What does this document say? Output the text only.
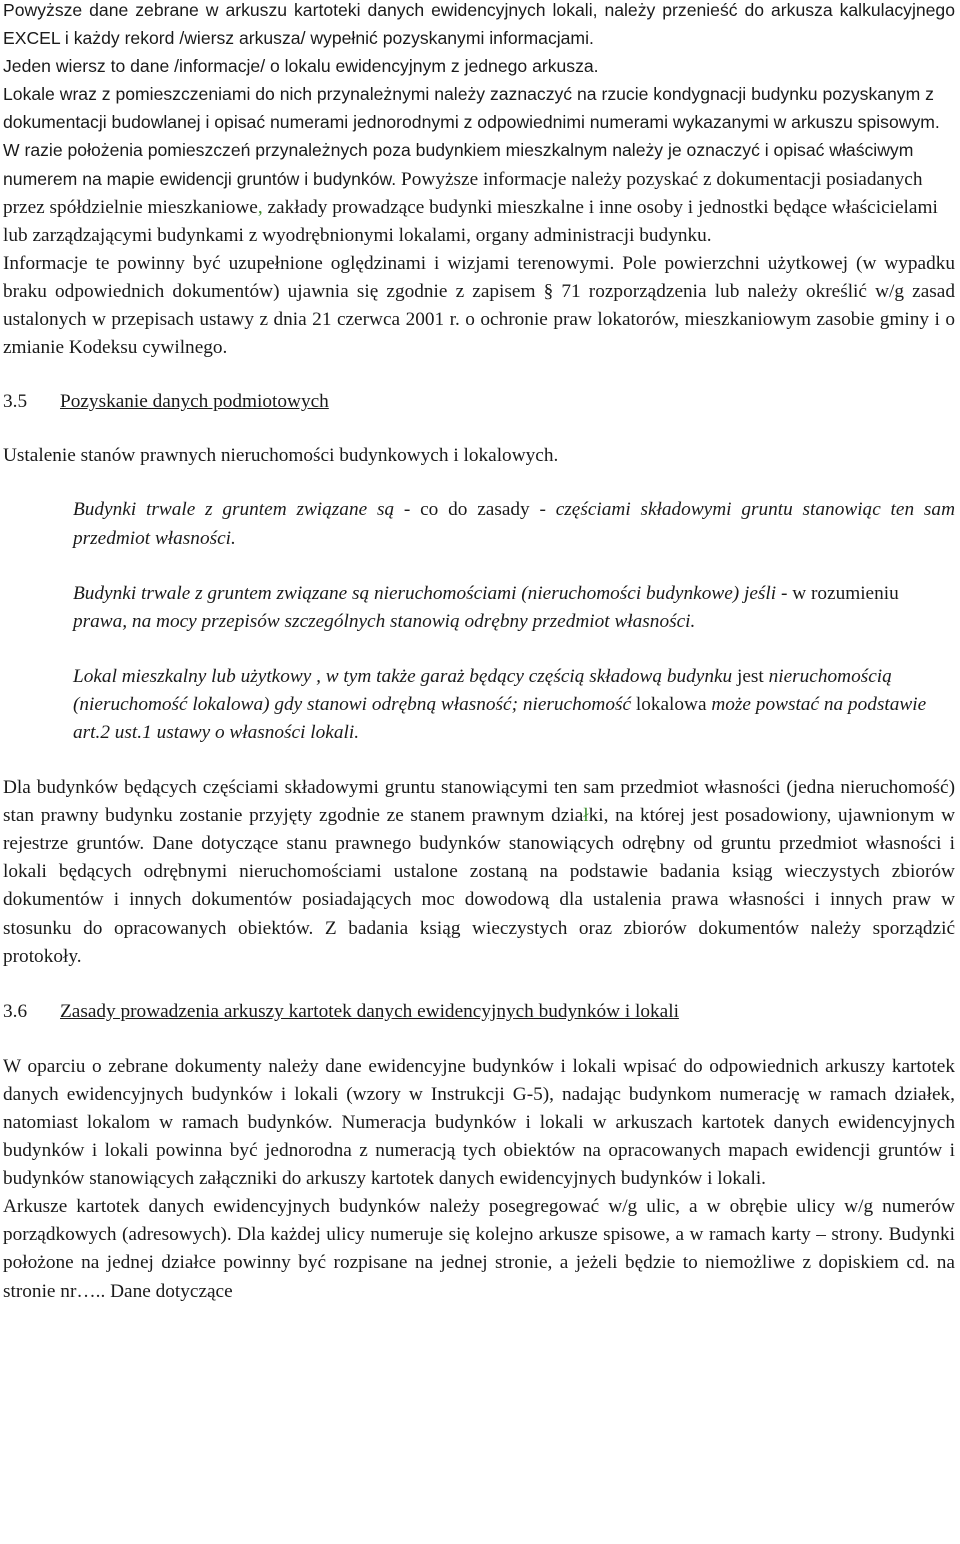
Powyższe dane zebrane w arkuszu kartoteki danych ewidencyjnych lokali, należy przenieść do arkusza kalkulacyjnego EXCEL i każdy rekord /wiersz arkusza/ wypełnić pozyskanymi informacjami.

Jeden wiersz to dane /informacje/ o lokalu ewidencyjnym z jednego arkusza.

Lokale wraz z pomieszczeniami do nich przynależnymi należy zaznaczyć na rzucie kondygnacji budynku pozyskanym z dokumentacji budowlanej i opisać numerami jednorodnymi z odpowiednimi numerami wykazanymi w arkuszu spisowym. W razie położenia pomieszczeń przynależnych poza budynkiem mieszkalnym należy je oznaczyć i opisać właściwym numerem na mapie ewidencji gruntów i budynków. Powyższe informacje należy pozyskać z dokumentacji posiadanych przez spółdzielnie mieszkaniowe, zakłady prowadzące budynki mieszkalne i inne osoby i jednostki będące właścicielami lub zarządzającymi budynkami z wyodrębnionymi lokalami, organy administracji budynku.

Informacje te powinny być uzupełnione oględzinami i wizjami terenowymi. Pole powierzchni użytkowej (w wypadku braku odpowiednich dokumentów) ujawnia się zgodnie z zapisem § 71 rozporządzenia lub należy określić w/g zasad ustalonych w przepisach ustawy z dnia 21 czerwca 2001 r. o ochronie praw lokatorów, mieszkaniowym zasobie gminy i o zmianie Kodeksu cywilnego.

3.5 Pozyskanie danych podmiotowych

Ustalenie stanów prawnych nieruchomości budynkowych i lokalowych.

Budynki trwale z gruntem związane są - co do zasady - częściami składowymi gruntu stanowiąc ten sam przedmiot własności.

Budynki trwale z gruntem związane są nieruchomościami (nieruchomości budynkowe) jeśli - w rozumieniu prawa, na mocy przepisów szczególnych stanowią odrębny przedmiot własności.

Lokal mieszkalny lub użytkowy , w tym także garaż będący częścią składową budynku jest nieruchomością (nieruchomość lokalowa) gdy stanowi odrębną własność; nieruchomość lokalowa może powstać na podstawie art.2 ust.1 ustawy o własności lokali.

Dla budynków będących częściami składowymi gruntu stanowiącymi ten sam przedmiot własności (jedna nieruchomość) stan prawny budynku zostanie przyjęty zgodnie ze stanem prawnym działki, na której jest posadowiony, ujawnionym w rejestrze gruntów. Dane dotyczące stanu prawnego budynków stanowiących odrębny od gruntu przedmiot własności i lokali będących odrębnymi nieruchomościami ustalone zostaną na podstawie badania ksiąg wieczystych zbiorów dokumentów i innych dokumentów posiadających moc dowodową dla ustalenia prawa własności i innych praw w stosunku do opracowanych obiektów. Z badania ksiąg wieczystych oraz zbiorów dokumentów należy sporządzić protokoły.

3.6 Zasady prowadzenia arkuszy kartotek danych ewidencyjnych budynków i lokali

W oparciu o zebrane dokumenty należy dane ewidencyjne budynków i lokali wpisać do odpowiednich arkuszy kartotek danych ewidencyjnych budynków i lokali (wzory w Instrukcji G-5), nadając budynkom numerację w ramach działek, natomiast lokalom w ramach budynków. Numeracja budynków i lokali w arkuszach kartotek danych ewidencyjnych budynków i lokali powinna być jednorodna z numeracją tych obiektów na opracowanych mapach ewidencji gruntów i budynków stanowiących załączniki do arkuszy kartotek danych ewidencyjnych budynków i lokali.

Arkusze kartotek danych ewidencyjnych budynków należy posegregować w/g ulic, a w obrębie ulicy w/g numerów porządkowych (adresowych). Dla każdej ulicy numeruje się kolejno arkusze spisowe, a w ramach karty – strony. Budynki położone na jednej działce powinny być rozpisane na jednej stronie, a jeżeli będzie to niemożliwe z dopiskiem cd. na stronie nr….. Dane dotyczące
